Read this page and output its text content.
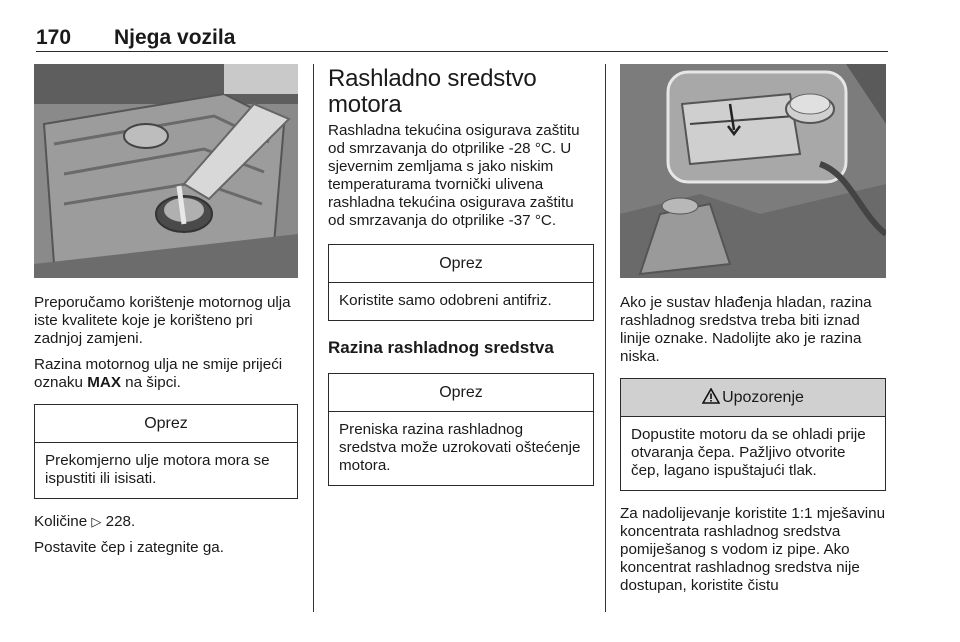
170 Njega vozila

Preporučamo korištenje motornog ulja iste kvalitete koje je korišteno pri zadnjoj zamjeni.

Razina motornog ulja ne smije prijeći oznaku MAX na šipci.

Oprez
Prekomjerno ulje motora mora se ispustiti ili isisati.

Količine ▷ 228.

Postavite čep i zategnite ga.

Rashladno sredstvo motora

Rashladna tekućina osigurava zaštitu od smrzavanja do otprilike -28 °C. U sjevernim zemljama s jako niskim temperaturama tvornički ulivena rashladna tekućina osigurava zaštitu od smrzavanja do otprilike -37 °C.

Oprez
Koristite samo odobreni antifriz.
Razina rashladnog sredstva
Oprez
Preniska razina rashladnog sredstva može uzrokovati oštećenje motora.

Ako je sustav hlađenja hladan, razina rashladnog sredstva treba biti iznad linije oznake. Nadolijte ako je razina niska.

Upozorenje
Dopustite motoru da se ohladi prije otvaranja čepa. Pažljivo otvorite čep, lagano ispuštajući tlak.

Za nadolijevanje koristite 1:1 mješavinu koncentrata rashladnog sredstva pomiješanog s vodom iz pipe. Ako koncentrat rashladnog sredstva nije dostupan, koristite čistu
